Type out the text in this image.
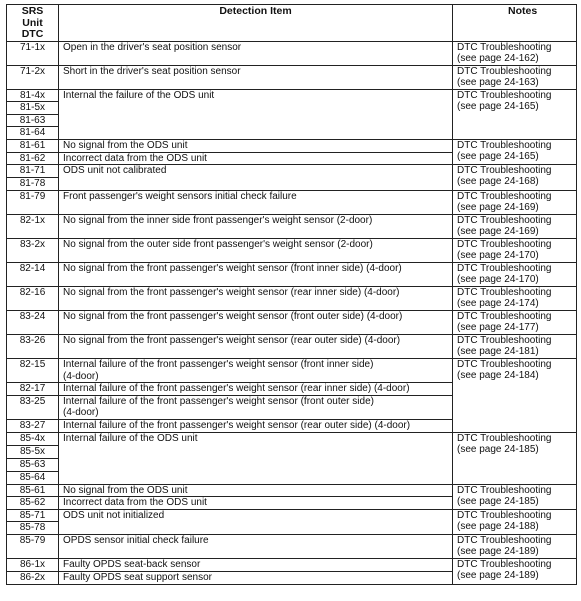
SRS
Unit
DTC	Detection Item	Notes
71-1x	Open in the driver's seat position sensor	DTC Troubleshooting
(see page 24-162)

71-2x	Short in the driver's seat position sensor	DTC Troubleshooting
(see page 24-163)

81-4x	Internal the failure of the ODS unit	DTC Troubleshooting
(see page 24-165)

81-5x		
81-63		
81-64		
81-61	No signal from the ODS unit	DTC Troubleshooting
(see page 24-165)

81-62	Incorrect data from the ODS unit	
81-71	ODS unit not calibrated	DTC Troubleshooting
(see page 24-168)

81-78		
81-79	Front passenger's weight sensors initial check failure	DTC Troubleshooting
(see page 24-169)

82-1x	No signal from the inner side front passenger's weight sensor (2-door)	DTC Troubleshooting
(see page 24-169)

83-2x	No signal from the outer side front passenger's weight sensor (2-door)	DTC Troubleshooting
(see page 24-170)

82-14	No signal from the front passenger's weight sensor (front inner side) (4-door)	DTC Troubleshooting
(see page 24-170)

82-16	No signal from the front passenger's weight sensor (rear inner side) (4-door)	DTC Troubleshooting
(see page 24-174)

83-24	No signal from the front passenger's weight sensor (front outer side) (4-door)	DTC Troubleshooting
(see page 24-177)

83-26	No signal from the front passenger's weight sensor (rear outer side) (4-door)	DTC Troubleshooting
(see page 24-181)

82-15	Internal failure of the front passenger's weight sensor (front inner side)
(4-door)	DTC Troubleshooting
(see page 24-184)

82-17	Internal failure of the front passenger's weight sensor (rear inner side) (4-door)	
83-25	Internal failure of the front passenger's weight sensor (front outer side)
(4-door)	

83-27	Internal failure of the front passenger's weight sensor (rear outer side) (4-door)	
85-4x	Internal failure of the ODS unit	DTC Troubleshooting
(see page 24-185)

85-5x		
85-63		
85-64		
85-61	No signal from the ODS unit	DTC Troubleshooting
(see page 24-185)

85-62	Incorrect data from the ODS unit	
85-71	ODS unit not initialized	DTC Troubleshooting
(see page 24-188)

85-78		
85-79	OPDS sensor initial check failure	DTC Troubleshooting
(see page 24-189)

86-1x	Faulty OPDS seat-back sensor	DTC Troubleshooting
(see page 24-189)

86-2x	Faulty OPDS seat support sensor	
